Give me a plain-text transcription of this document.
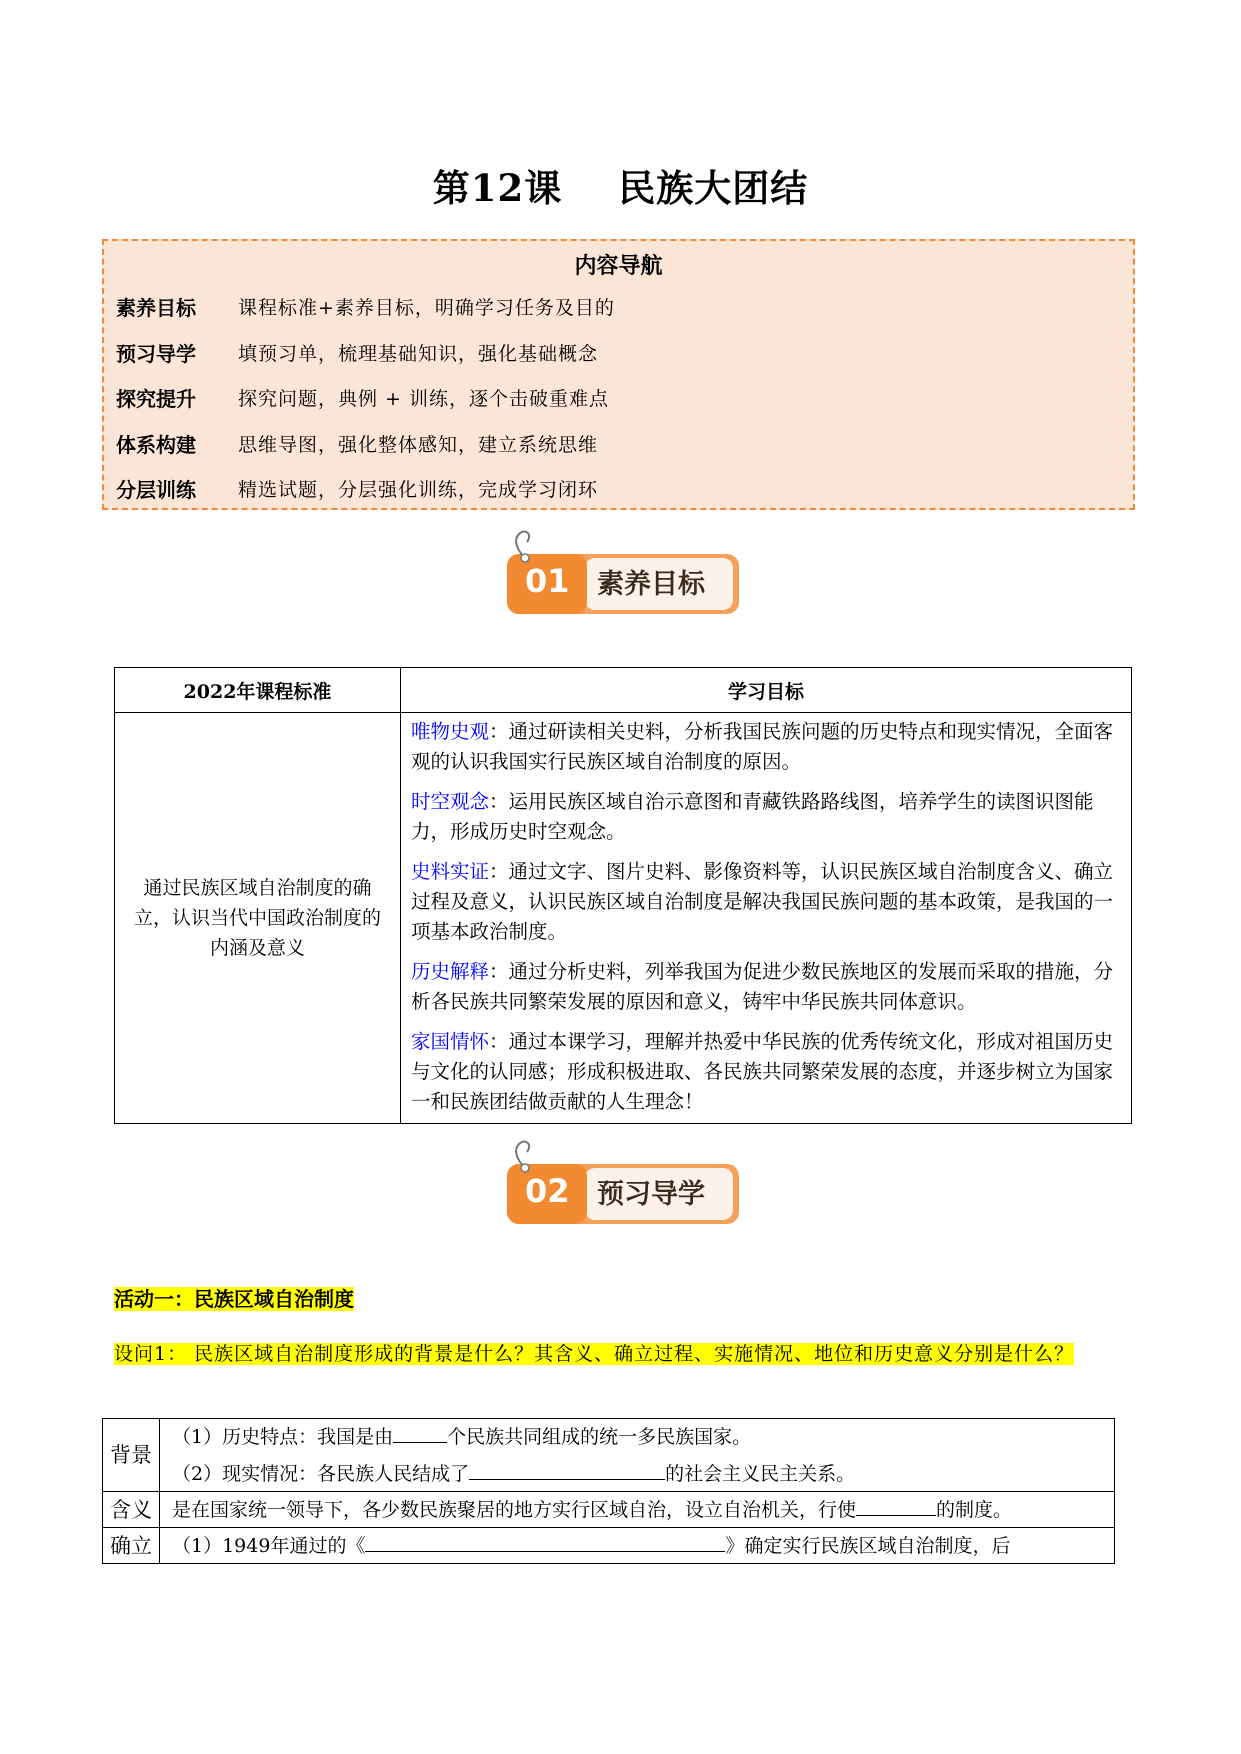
第12课 民族大团结
内容导航
素养目标	课程标准+素养目标，明确学习任务及目的
预习导学	填预习单，梳理基础知识，强化基础概念
探究提升	探究问题，典例 + 训练，逐个击破重难点
体系构建	思维导图，强化整体感知，建立系统思维
分层训练	精选试题，分层强化训练，完成学习闭环
01 素养目标
2022年课程标准	学习目标
通过民族区域自治制度的确立，认识当代中国政治制度的内涵及意义	唯物史观：通过研读相关史料，分析我国民族问题的历史特点和现实情况，全面客观的认识我国实行民族区域自治制度的原因。
时空观念：运用民族区域自治示意图和青藏铁路路线图，培养学生的读图识图能力，形成历史时空观念。
史料实证：通过文字、图片史料、影像资料等，认识民族区域自治制度含义、确立过程及意义，认识民族区域自治制度是解决我国民族问题的基本政策，是我国的一项基本政治制度。
历史解释：通过分析史料，列举我国为促进少数民族地区的发展而采取的措施，分析各民族共同繁荣发展的原因和意义，铸牢中华民族共同体意识。
家国情怀：通过本课学习，理解并热爱中华民族的优秀传统文化，形成对祖国历史与文化的认同感；形成积极进取、各民族共同繁荣发展的态度，并逐步树立为国家一和民族团结做贡献的人生理念！
02 预习导学
活动一：民族区域自治制度
设问1： 民族区域自治制度形成的背景是什么？其含义、确立过程、实施情况、地位和历史意义分别是什么？
背景	（1）历史特点：我国是由 个民族共同组成的统一多民族国家。
（2）现实情况：各民族人民结成了 的社会主义民主关系。

含义	是在国家统一领导下，各少数民族聚居的地方实行区域自治，设立自治机关，行使 的制度。
确立	（1）1949年通过的《 》确定实行民族区域自治制度，后
